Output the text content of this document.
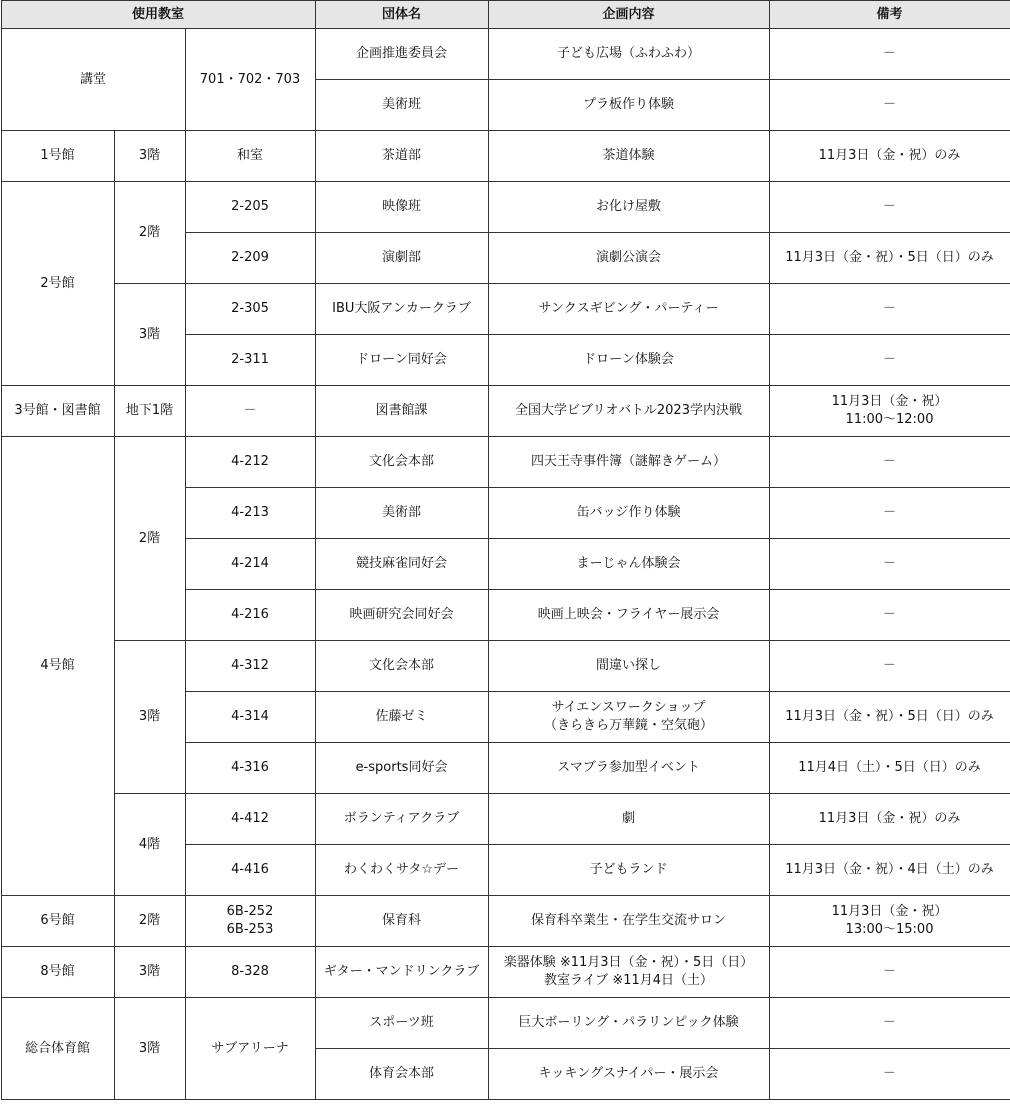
使用教室			団体名	企画内容	備考
講堂		701・702・703	企画推進委員会	子ども広場（ふわふわ）	－
			美術班	プラ板作り体験	－
1号館	3階	和室	茶道部	茶道体験	11月3日（金・祝）のみ
2号館	2階	2-205	映像班	お化け屋敷	－
		2-209	演劇部	演劇公演会	11月3日（金・祝）・5日（日）のみ
	3階	2-305	IBU大阪アンカークラブ	サンクスギビング・パーティー	－
		2-311	ドローン同好会	ドローン体験会	－
3号館・図書館	地下1階	－	図書館課	全国大学ビブリオバトル2023学内決戦	11月3日（金・祝）
11:00～12:00

4号館	2階	4-212	文化会本部	四天王寺事件簿（謎解きゲーム）	－
		4-213	美術部	缶バッジ作り体験	－
		4-214	競技麻雀同好会	まーじゃん体験会	－
		4-216	映画研究会同好会	映画上映会・フライヤー展示会	－
	3階	4-312	文化会本部	間違い探し	－
		4-314	佐藤ゼミ	サイエンスワークショップ
（きらきら万華鏡・空気砲）	11月3日（金・祝）・5日（日）のみ
		4-316	e-sports同好会	スマブラ参加型イベント	11月4日（土）・5日（日）のみ
	4階	4-412	ボランティアクラブ	劇	11月3日（金・祝）のみ
		4-416	わくわくサタ☆デー	子どもランド	11月3日（金・祝）・4日（土）のみ
6号館	2階	6B-252
6B-253	保育科	保育科卒業生・在学生交流サロン	11月3日（金・祝）
13:00～15:00

8号館	3階	8-328	ギター・マンドリンクラブ	楽器体験 ※11月3日（金・祝）・5日（日）
教室ライブ ※11月4日（土）	－
総合体育館	3階	サブアリーナ	スポーツ班	巨大ボーリング・パラリンピック体験	－
			体育会本部	キッキングスナイパー・展示会	－
